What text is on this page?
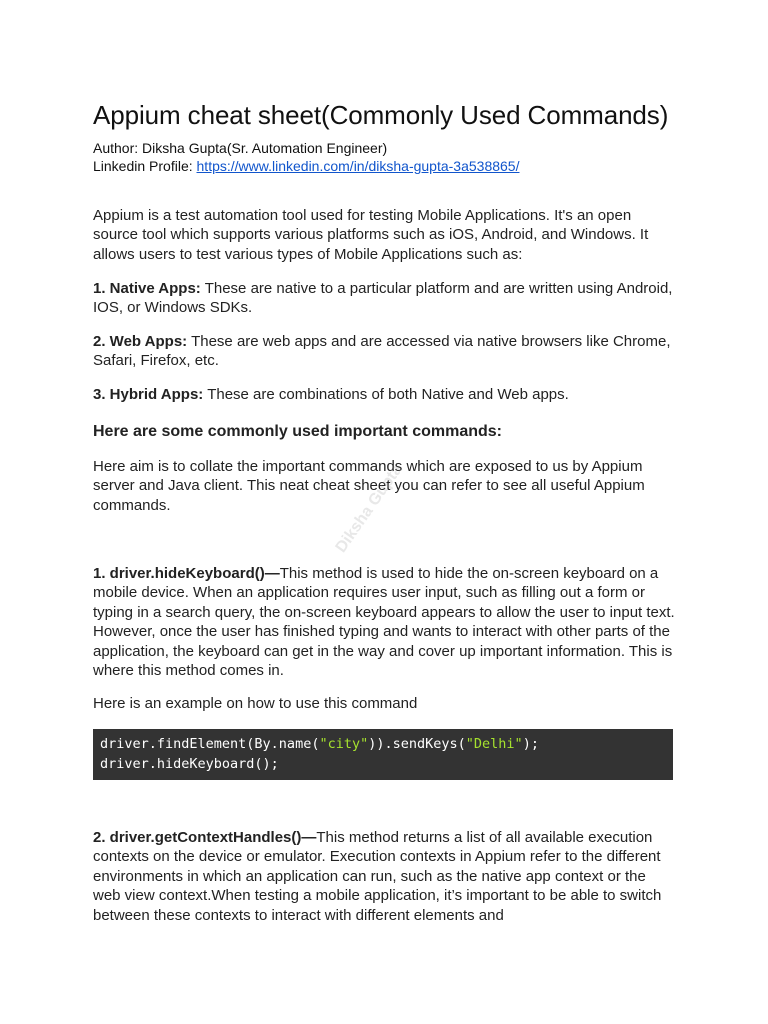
Appium cheat sheet(Commonly Used Commands)
Author: Diksha Gupta(Sr. Automation Engineer)
Linkedin Profile: https://www.linkedin.com/in/diksha-gupta-3a538865/

Appium is a test automation tool used for testing Mobile Applications. It's an open source tool which supports various platforms such as iOS, Android, and Windows. It allows users to test various types of Mobile Applications such as:

1. Native Apps: These are native to a particular platform and are written using Android, IOS, or Windows SDKs.

2. Web Apps: These are web apps and are accessed via native browsers like Chrome, Safari, Firefox, etc.

3. Hybrid Apps: These are combinations of both Native and Web apps.

Here are some commonly used important commands:

Here aim is to collate the important commands which are exposed to us by Appium server and Java client. This neat cheat sheet you can refer to see all useful Appium commands.

1. driver.hideKeyboard()—This method is used to hide the on-screen keyboard on a mobile device. When an application requires user input, such as filling out a form or typing in a search query, the on-screen keyboard appears to allow the user to input text. However, once the user has finished typing and wants to interact with other parts of the application, the keyboard can get in the way and cover up important information. This is where this method comes in.

Here is an example on how to use this command

driver.findElement(By.name("city")).sendKeys("Delhi");
driver.hideKeyboard();

2. driver.getContextHandles()—This method returns a list of all available execution contexts on the device or emulator. Execution contexts in Appium refer to the different environments in which an application can run, such as the native app context or the web view context.When testing a mobile application, it’s important to be able to switch between these contexts to interact with different elements and

Diksha Gupta
